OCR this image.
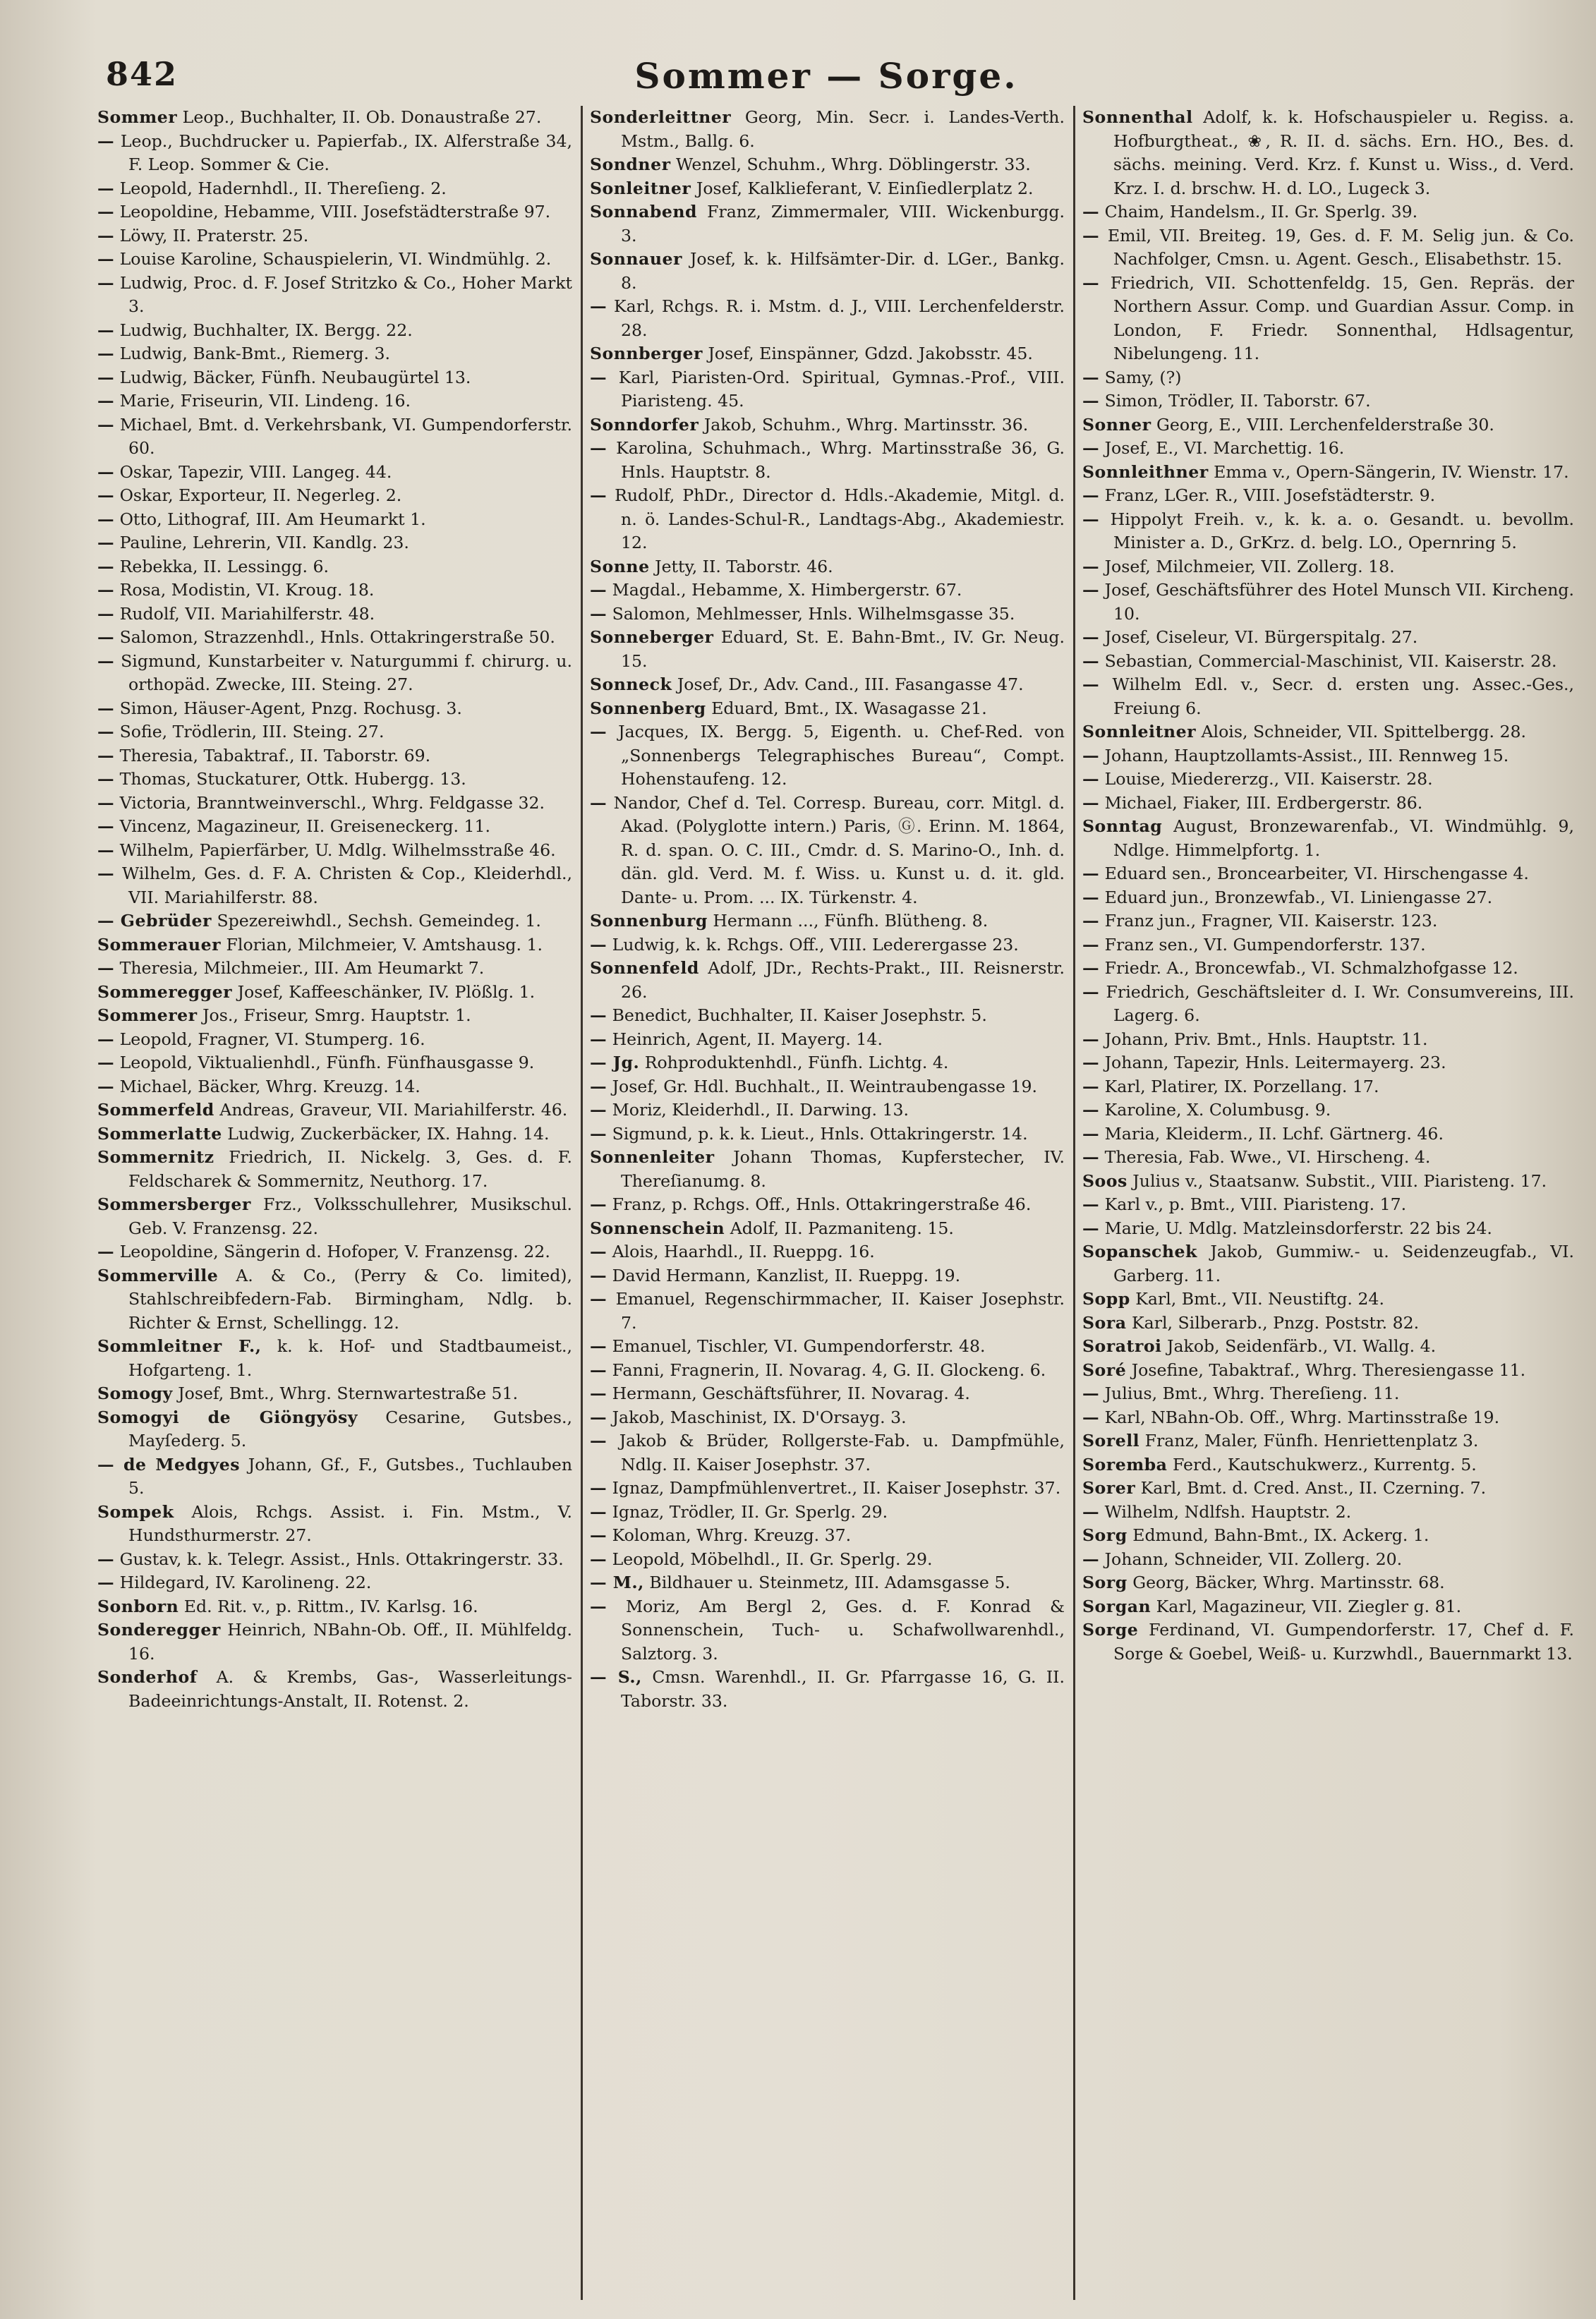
842	Sommer — Sorge.
Sommer Leop., Buchhalter, II. Ob. Donaustraße 27.
— Leop., Buchdrucker u. Papierfab., IX. Alferstraße 34, F. Leop. Sommer & Cie.
— Leopold, Hadernhdl., II. Thereſieng. 2.
— Leopoldine, Hebamme, VIII. Josefstädterstraße 97.
— Löwy, II. Praterstr. 25.
— Louise Karoline, Schauspielerin, VI. Windmühlg. 2.
— Ludwig, Proc. d. F. Josef Stritzko & Co., Hoher Markt 3.
— Ludwig, Buchhalter, IX. Bergg. 22.
— Ludwig, Bank-Bmt., Riemerg. 3.
— Ludwig, Bäcker, Fünfh. Neubaugürtel 13.
— Marie, Friseurin, VII. Lindeng. 16.
— Michael, Bmt. d. Verkehrsbank, VI. Gumpendorferstr. 60.
— Oskar, Tapezir, VIII. Langeg. 44.
— Oskar, Exporteur, II. Negerleg. 2.
— Otto, Lithograf, III. Am Heumarkt 1.
— Pauline, Lehrerin, VII. Kandlg. 23.
— Rebekka, II. Lessingg. 6.
— Rosa, Modistin, VI. Kroug. 18.
— Rudolf, VII. Mariahilferstr. 48.
— Salomon, Strazzenhdl., Hnls. Ottakringerstraße 50.
— Sigmund, Kunstarbeiter v. Naturgummi f. chirurg. u. orthopäd. Zwecke, III. Steing. 27.
— Simon, Häuser-Agent, Pnzg. Rochusg. 3.
— Sofie, Trödlerin, III. Steing. 27.
— Theresia, Tabaktraf., II. Taborstr. 69.
— Thomas, Stuckaturer, Ottk. Hubergg. 13.
— Victoria, Branntweinverschl., Whrg. Feldgasse 32.
— Vincenz, Magazineur, II. Greiseneckerg. 11.
— Wilhelm, Papierfärber, U. Mdlg. Wilhelmsstraße 46.
— Wilhelm, Ges. d. F. A. Christen & Cop., Kleiderhdl., VII. Mariahilferstr. 88.
— Gebrüder Spezereiwhdl., Sechsh. Gemeindeg. 1.
Sommerauer Florian, Milchmeier, V. Amtshausg. 1.
— Theresia, Milchmeier., III. Am Heumarkt 7.
Sommeregger Josef, Kaffeeschänker, IV. Plößlg. 1.
Sommerer Jos., Friseur, Smrg. Hauptstr. 1.
— Leopold, Fragner, VI. Stumperg. 16.
— Leopold, Viktualienhdl., Fünfh. Fünfhausgasse 9.
— Michael, Bäcker, Whrg. Kreuzg. 14.
Sommerfeld Andreas, Graveur, VII. Mariahilferstr. 46.
Sommerlatte Ludwig, Zuckerbäcker, IX. Hahng. 14.
Sommernitz Friedrich, II. Nickelg. 3, Ges. d. F. Feldscharek & Sommernitz, Neuthorg. 17.
Sommersberger Frz., Volksschullehrer, Musikschul. Geb. V. Franzensg. 22.
— Leopoldine, Sängerin d. Hofoper, V. Franzensg. 22.
Sommerville A. & Co., (Perry & Co. limited), Stahlschreibfedern-Fab. Birmingham, Ndlg. b. Richter & Ernst, Schellingg. 12.
Sommleitner F., k. k. Hof- und Stadtbaumeist., Hofgarteng. 1.
Somogy Josef, Bmt., Whrg. Sternwartestraße 51.
Somogyi de Giöngyösy Cesarine, Gutsbes., Mayſederg. 5.
— de Medgyes Johann, Gf., F., Gutsbes., Tuchlauben 5.
Sompek Alois, Rchgs. Assist. i. Fin. Mstm., V. Hundsthurmerstr. 27.
— Gustav, k. k. Telegr. Assist., Hnls. Ottakringerstr. 33.
— Hildegard, IV. Karolineng. 22.
Sonborn Ed. Rit. v., p. Rittm., IV. Karlsg. 16.
Sonderegger Heinrich, NBahn-Ob. Off., II. Mühlfeldg. 16.
Sonderhof A. & Krembs, Gas-, Wasserleitungs-Badeeinrichtungs-Anstalt, II. Rotenst. 2.
Sonderleittner Georg, Min. Secr. i. Landes-Verth. Mstm., Ballg. 6.
Sondner Wenzel, Schuhm., Whrg. Döblingerstr. 33.
Sonleitner Josef, Kalklieferant, V. Einſiedlerplatz 2.
Sonnabend Franz, Zimmermaler, VIII. Wickenburgg. 3.
Sonnauer Josef, k. k. Hilfsämter-Dir. d. LGer., Bankg. 8.
— Karl, Rchgs. R. i. Mstm. d. J., VIII. Lerchenfelderstr. 28.
Sonnberger Josef, Einspänner, Gdzd. Jakobsstr. 45.
— Karl, Piaristen-Ord. Spiritual, Gymnas.-Prof., VIII. Piaristeng. 45.
Sonndorfer Jakob, Schuhm., Whrg. Martinsstr. 36.
— Karolina, Schuhmach., Whrg. Martinsstraße 36, G. Hnls. Hauptstr. 8.
— Rudolf, PhDr., Director d. Hdls.-Akademie, Mitgl. d. n. ö. Landes-Schul-R., Landtags-Abg., Akademiestr. 12.
Sonne Jetty, II. Taborstr. 46.
— Magdal., Hebamme, X. Himbergerstr. 67.
— Salomon, Mehlmesser, Hnls. Wilhelmsgasse 35.
Sonneberger Eduard, St. E. Bahn-Bmt., IV. Gr. Neug. 15.
Sonneck Josef, Dr., Adv. Cand., III. Fasangasse 47.
Sonnenberg Eduard, Bmt., IX. Wasagasse 21.
— Jacques, IX. Bergg. 5, Eigenth. u. Chef-Red. von „Sonnenbergs Telegraphisches Bureau“, Compt. Hohenstaufeng. 12.
— Nandor, Chef d. Tel. Corresp. Bureau, corr. Mitgl. d. Akad. (Polyglotte intern.) Paris, Ⓖ. Erinn. M. 1864, R. d. span. O. C. III., Cmdr. d. S. Marino-O., Inh. d. dän. gld. Verd. M. f. Wiss. u. Kunst u. d. it. gld. Dante- u. Prom. ... IX. Türkenstr. 4.
Sonnenburg Hermann ..., Fünfh. Blütheng. 8.
— Ludwig, k. k. Rchgs. Off., VIII. Lederergasse 23.
Sonnenfeld Adolf, JDr., Rechts-Prakt., III. Reisnerstr. 26.
— Benedict, Buchhalter, II. Kaiser Josephstr. 5.
— Heinrich, Agent, II. Mayerg. 14.
— Jg. Rohproduktenhdl., Fünfh. Lichtg. 4.
— Josef, Gr. Hdl. Buchhalt., II. Weintraubengasse 19.
— Moriz, Kleiderhdl., II. Darwing. 13.
— Sigmund, p. k. k. Lieut., Hnls. Ottakringerstr. 14.
Sonnenleiter Johann Thomas, Kupferstecher, IV. Thereſianumg. 8.
— Franz, p. Rchgs. Off., Hnls. Ottakringerstraße 46.
Sonnenschein Adolf, II. Pazmaniteng. 15.
— Alois, Haarhdl., II. Rueppg. 16.
— David Hermann, Kanzlist, II. Rueppg. 19.
— Emanuel, Regenschirmmacher, II. Kaiser Josephstr. 7.
— Emanuel, Tischler, VI. Gumpendorferstr. 48.
— Fanni, Fragnerin, II. Novarag. 4, G. II. Glockeng. 6.
— Hermann, Geschäftsführer, II. Novarag. 4.
— Jakob, Maschinist, IX. D'Orsayg. 3.
— Jakob & Brüder, Rollgerste-Fab. u. Dampfmühle, Ndlg. II. Kaiser Josephstr. 37.
— Ignaz, Dampfmühlenvertret., II. Kaiser Josephstr. 37.
— Ignaz, Trödler, II. Gr. Sperlg. 29.
— Koloman, Whrg. Kreuzg. 37.
— Leopold, Möbelhdl., II. Gr. Sperlg. 29.
— M., Bildhauer u. Steinmetz, III. Adamsgasse 5.
— Moriz, Am Bergl 2, Ges. d. F. Konrad & Sonnenschein, Tuch- u. Schafwollwarenhdl., Salztorg. 3.
— S., Cmsn. Warenhdl., II. Gr. Pfarrgasse 16, G. II. Taborstr. 33.
Sonnenthal Adolf, k. k. Hofschauspieler u. Regiss. a. Hofburgtheat., ❀, R. II. d. sächs. Ern. HO., Bes. d. sächs. meining. Verd. Krz. f. Kunst u. Wiss., d. Verd. Krz. I. d. brschw. H. d. LO., Lugeck 3.
— Chaim, Handelsm., II. Gr. Sperlg. 39.
— Emil, VII. Breiteg. 19, Ges. d. F. M. Selig jun. & Co. Nachfolger, Cmsn. u. Agent. Gesch., Elisabethstr. 15.
— Friedrich, VII. Schottenfeldg. 15, Gen. Repräs. der Northern Assur. Comp. und Guardian Assur. Comp. in London, F. Friedr. Sonnenthal, Hdlsagentur, Nibelungeng. 11.
— Samy, (?)
— Simon, Trödler, II. Taborstr. 67.
Sonner Georg, E., VIII. Lerchenfelderstraße 30.
— Josef, E., VI. Marchettig. 16.
Sonnleithner Emma v., Opern-Sängerin, IV. Wienstr. 17.
— Franz, LGer. R., VIII. Josefstädterstr. 9.
— Hippolyt Freih. v., k. k. a. o. Gesandt. u. bevollm. Minister a. D., GrKrz. d. belg. LO., Opernring 5.
— Josef, Milchmeier, VII. Zollerg. 18.
— Josef, Geschäftsführer des Hotel Munsch VII. Kircheng. 10.
— Josef, Ciseleur, VI. Bürgerspitalg. 27.
— Sebastian, Commercial-Maschinist, VII. Kaiserstr. 28.
— Wilhelm Edl. v., Secr. d. ersten ung. Assec.-Ges., Freiung 6.
Sonnleitner Alois, Schneider, VII. Spittelbergg. 28.
— Johann, Hauptzollamts-Assist., III. Rennweg 15.
— Louise, Miedererzg., VII. Kaiserstr. 28.
— Michael, Fiaker, III. Erdbergerstr. 86.
Sonntag August, Bronzewarenfab., VI. Windmühlg. 9, Ndlge. Himmelpfortg. 1.
— Eduard sen., Broncearbeiter, VI. Hirschengasse 4.
— Eduard jun., Bronzewfab., VI. Liniengasse 27.
— Franz jun., Fragner, VII. Kaiserstr. 123.
— Franz sen., VI. Gumpendorferstr. 137.
— Friedr. A., Broncewfab., VI. Schmalzhofgasse 12.
— Friedrich, Geschäftsleiter d. I. Wr. Consumvereins, III. Lagerg. 6.
— Johann, Priv. Bmt., Hnls. Hauptstr. 11.
— Johann, Tapezir, Hnls. Leitermayerg. 23.
— Karl, Platirer, IX. Porzellang. 17.
— Karoline, X. Columbusg. 9.
— Maria, Kleiderm., II. Lchf. Gärtnerg. 46.
— Theresia, Fab. Wwe., VI. Hirscheng. 4.
Soos Julius v., Staatsanw. Substit., VIII. Piaristeng. 17.
— Karl v., p. Bmt., VIII. Piaristeng. 17.
— Marie, U. Mdlg. Matzleinsdorferstr. 22 bis 24.
Sopanschek Jakob, Gummiw.- u. Seidenzeugfab., VI. Garberg. 11.
Sopp Karl, Bmt., VII. Neustiftg. 24.
Sora Karl, Silberarb., Pnzg. Poststr. 82.
Soratroi Jakob, Seidenfärb., VI. Wallg. 4.
Soré Josefine, Tabaktraf., Whrg. Theresiengasse 11.
— Julius, Bmt., Whrg. Thereſieng. 11.
— Karl, NBahn-Ob. Off., Whrg. Martinsstraße 19.
Sorell Franz, Maler, Fünfh. Henriettenplatz 3.
Soremba Ferd., Kautschukwerz., Kurrentg. 5.
Sorer Karl, Bmt. d. Cred. Anst., II. Czerning. 7.
— Wilhelm, Ndlfsh. Hauptstr. 2.
Sorg Edmund, Bahn-Bmt., IX. Ackerg. 1.
— Johann, Schneider, VII. Zollerg. 20.
Sorg Georg, Bäcker, Whrg. Martinsstr. 68.
Sorgan Karl, Magazineur, VII. Ziegler g. 81.
Sorge Ferdinand, VI. Gumpendorferstr. 17, Chef d. F. Sorge & Goebel, Weiß- u. Kurzwhdl., Bauernmarkt 13.
